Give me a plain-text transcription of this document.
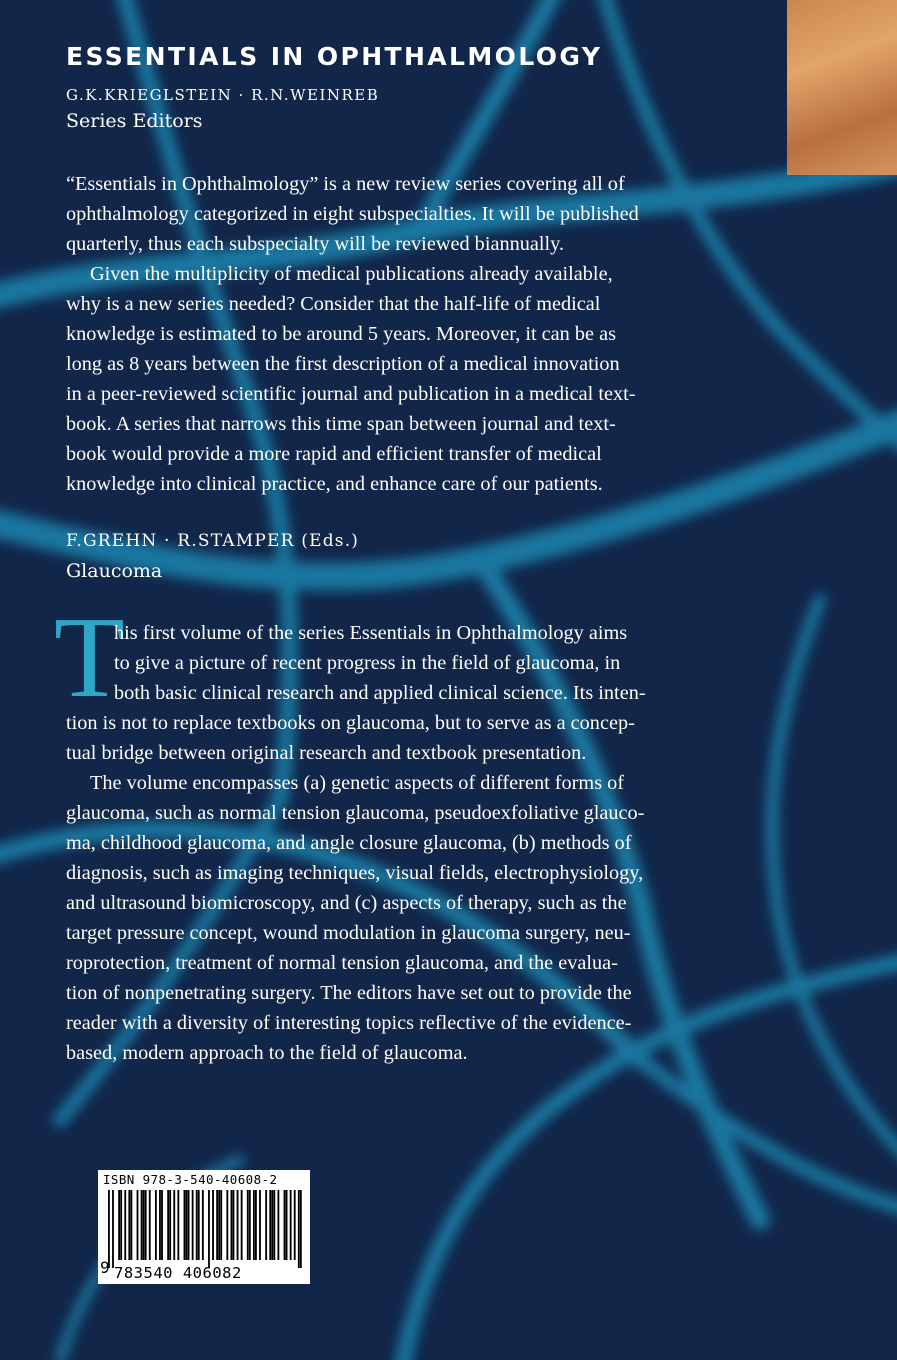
ESSENTIALS IN OPHTHALMOLOGY
G.K.KRIEGLSTEIN · R.N.WEINREB
Series Editors

“Essentials in Ophthalmology” is a new review series covering all of
ophthalmology categorized in eight subspecialties. It will be published
quarterly, thus each subspecialty will be reviewed biannually.

Given the multiplicity of medical publications already available,
why is a new series needed? Consider that the half-life of medical
knowledge is estimated to be around 5 years. Moreover, it can be as
long as 8 years between the first description of a medical innovation
in a peer-reviewed scientific journal and publication in a medical text-
book. A series that narrows this time span between journal and text-
book would provide a more rapid and efficient transfer of medical
knowledge into clinical practice, and enhance care of our patients.

F.GREHN · R.STAMPER (Eds.)
Glaucoma
T

his first volume of the series Essentials in Ophthalmology aims
to give a picture of recent progress in the field of glaucoma, in
both basic clinical research and applied clinical science. Its inten-
tion is not to replace textbooks on glaucoma, but to serve as a concep-
tual bridge between original research and textbook presentation.

The volume encompasses (a) genetic aspects of different forms of
glaucoma, such as normal tension glaucoma, pseudoexfoliative glauco-
ma, childhood glaucoma, and angle closure glaucoma, (b) methods of
diagnosis, such as imaging techniques, visual fields, electrophysiology,
and ultrasound biomicroscopy, and (c) aspects of therapy, such as the
target pressure concept, wound modulation in glaucoma surgery, neu-
roprotection, treatment of normal tension glaucoma, and the evalua-
tion of nonpenetrating surgery. The editors have set out to provide the
reader with a diversity of interesting topics reflective of the evidence-
based, modern approach to the field of glaucoma.

ISBN 978-3-540-40608-2
9 783540 406082
